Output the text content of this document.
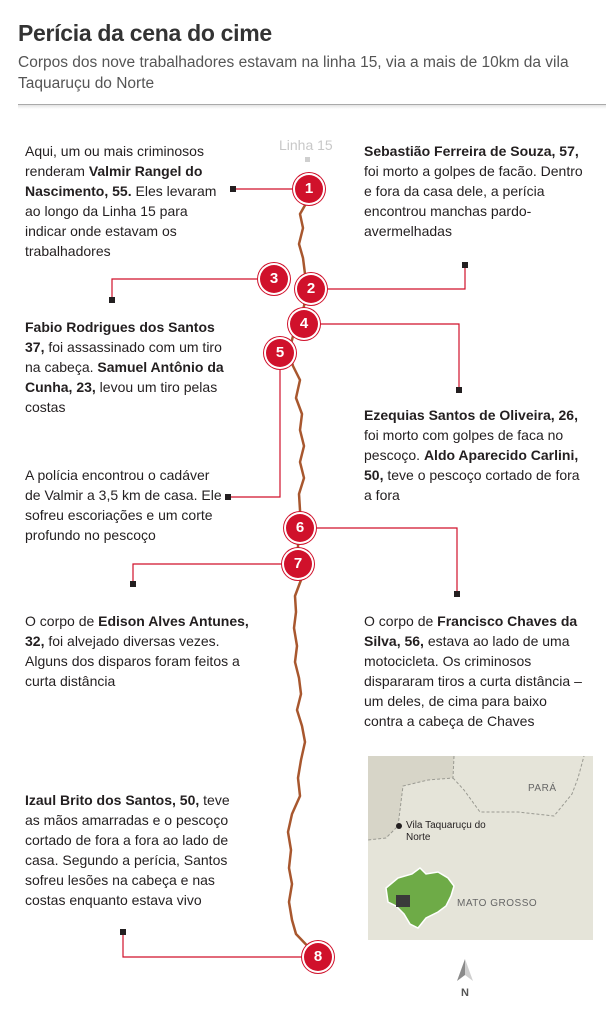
Perícia da cena do cime
Corpos dos nove trabalhadores estavam na linha 15, via a mais de 10km da vila Taquaruçu do Norte
Linha 15
1
2
3
4
5
6
7
8
Aqui, um ou mais criminosos renderam Valmir Rangel do Nascimento, 55. Eles levaram ao longo da Linha 15 para indicar onde estavam os trabalhadores
Sebastião Ferreira de Souza, 57, foi morto a golpes de facão. Dentro e fora da casa dele, a perícia encontrou manchas pardo-avermelhadas
Fabio Rodrigues dos Santos 37, foi assassinado com um tiro na cabeça. Samuel Antônio da Cunha, 23, levou um tiro pelas costas	Ezequias Santos de Oliveira, 26, foi morto com golpes de faca no pescoço. Aldo Aparecido Carlini, 50, teve o pescoço cortado de fora a fora
A polícia encontrou o cadáver de Valmir a 3,5 km de casa. Ele sofreu escoriações e um corte profundo no pescoço
O corpo de Francisco Chaves da Silva, 56, estava ao lado de uma motocicleta. Os criminosos dispararam tiros a curta distância – um deles, de cima para baixo contra a cabeça de Chaves
O corpo de Edison Alves Antunes, 32, foi alvejado diversas vezes. Alguns dos disparos foram feitos a curta distância
Izaul Brito dos Santos, 50, teve as mãos amarradas e o pescoço cortado de fora a fora ao lado de casa. Segundo a perícia, Santos sofreu lesões na cabeça e nas costas enquanto estava vivo
PARÁ
MATO GROSSO
Vila Taquaruçu do Norte
N
